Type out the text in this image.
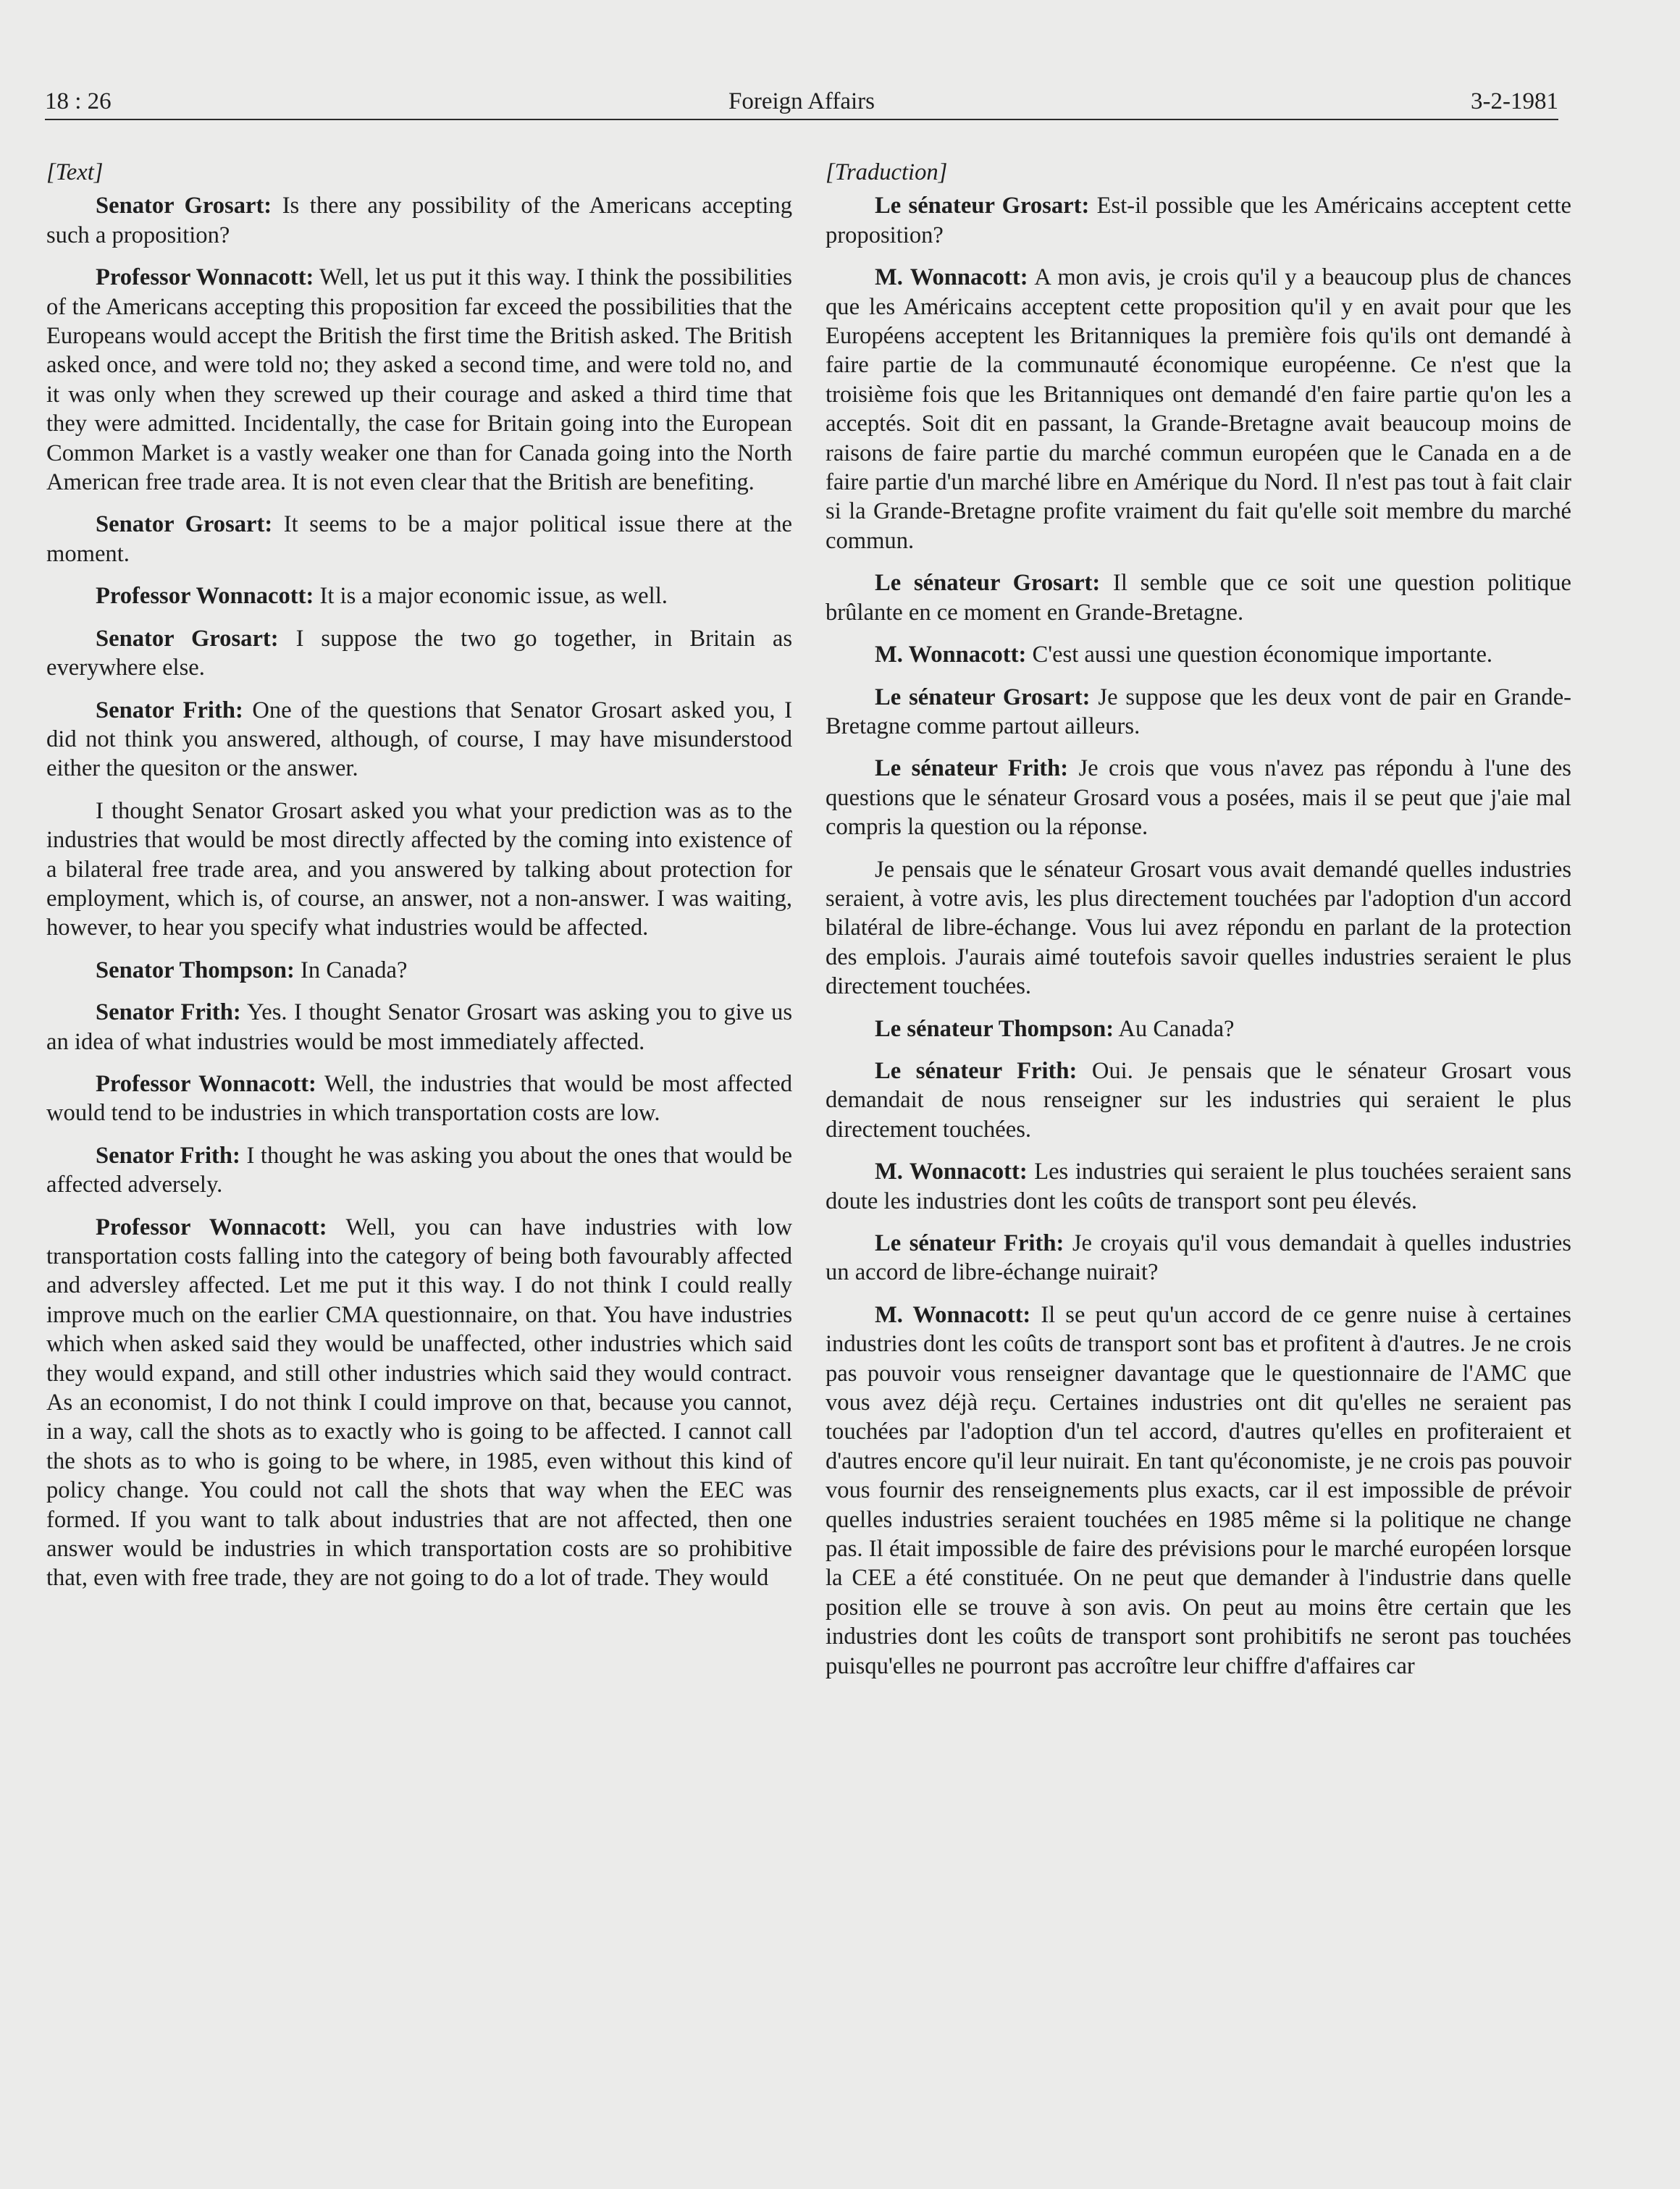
18 : 26	Foreign Affairs	3-2-1981

[Text]

Senator Grosart: Is there any possibility of the Americans accepting such a proposition?

Professor Wonnacott: Well, let us put it this way. I think the possibilities of the Americans accepting this proposition far exceed the possibilities that the Europeans would accept the British the first time the British asked. The British asked once, and were told no; they asked a second time, and were told no, and it was only when they screwed up their courage and asked a third time that they were admitted. Incidentally, the case for Britain going into the European Common Market is a vastly weaker one than for Canada going into the North American free trade area. It is not even clear that the British are benefiting.

Senator Grosart: It seems to be a major political issue there at the moment.

Professor Wonnacott: It is a major economic issue, as well.

Senator Grosart: I suppose the two go together, in Britain as everywhere else.

Senator Frith: One of the questions that Senator Grosart asked you, I did not think you answered, although, of course, I may have misunderstood either the quesiton or the answer.

I thought Senator Grosart asked you what your prediction was as to the industries that would be most directly affected by the coming into existence of a bilateral free trade area, and you answered by talking about protection for employment, which is, of course, an answer, not a non-answer. I was waiting, however, to hear you specify what industries would be affected.

Senator Thompson: In Canada?

Senator Frith: Yes. I thought Senator Grosart was asking you to give us an idea of what industries would be most immediately affected.

Professor Wonnacott: Well, the industries that would be most affected would tend to be industries in which transportation costs are low.

Senator Frith: I thought he was asking you about the ones that would be affected adversely.

Professor Wonnacott: Well, you can have industries with low transportation costs falling into the category of being both favourably affected and adversley affected. Let me put it this way. I do not think I could really improve much on the earlier CMA questionnaire, on that. You have industries which when asked said they would be unaffected, other industries which said they would expand, and still other industries which said they would contract. As an economist, I do not think I could improve on that, because you cannot, in a way, call the shots as to exactly who is going to be affected. I cannot call the shots as to who is going to be where, in 1985, even without this kind of policy change. You could not call the shots that way when the EEC was formed. If you want to talk about industries that are not affected, then one answer would be industries in which transportation costs are so prohibitive that, even with free trade, they are not going to do a lot of trade. They would

[Traduction]

Le sénateur Grosart: Est-il possible que les Américains acceptent cette proposition?

M. Wonnacott: A mon avis, je crois qu'il y a beaucoup plus de chances que les Américains acceptent cette proposition qu'il y en avait pour que les Européens acceptent les Britanniques la première fois qu'ils ont demandé à faire partie de la communauté économique européenne. Ce n'est que la troisième fois que les Britanniques ont demandé d'en faire partie qu'on les a acceptés. Soit dit en passant, la Grande-Bretagne avait beaucoup moins de raisons de faire partie du marché commun européen que le Canada en a de faire partie d'un marché libre en Amérique du Nord. Il n'est pas tout à fait clair si la Grande-Bretagne profite vraiment du fait qu'elle soit membre du marché commun.

Le sénateur Grosart: Il semble que ce soit une question politique brûlante en ce moment en Grande-Bretagne.

M. Wonnacott: C'est aussi une question économique importante.

Le sénateur Grosart: Je suppose que les deux vont de pair en Grande-Bretagne comme partout ailleurs.

Le sénateur Frith: Je crois que vous n'avez pas répondu à l'une des questions que le sénateur Grosard vous a posées, mais il se peut que j'aie mal compris la question ou la réponse.

Je pensais que le sénateur Grosart vous avait demandé quelles industries seraient, à votre avis, les plus directement touchées par l'adoption d'un accord bilatéral de libre-échange. Vous lui avez répondu en parlant de la protection des emplois. J'aurais aimé toutefois savoir quelles industries seraient le plus directement touchées.

Le sénateur Thompson: Au Canada?

Le sénateur Frith: Oui. Je pensais que le sénateur Grosart vous demandait de nous renseigner sur les industries qui seraient le plus directement touchées.

M. Wonnacott: Les industries qui seraient le plus touchées seraient sans doute les industries dont les coûts de transport sont peu élevés.

Le sénateur Frith: Je croyais qu'il vous demandait à quelles industries un accord de libre-échange nuirait?

M. Wonnacott: Il se peut qu'un accord de ce genre nuise à certaines industries dont les coûts de transport sont bas et profitent à d'autres. Je ne crois pas pouvoir vous renseigner davantage que le questionnaire de l'AMC que vous avez déjà reçu. Certaines industries ont dit qu'elles ne seraient pas touchées par l'adoption d'un tel accord, d'autres qu'elles en profiteraient et d'autres encore qu'il leur nuirait. En tant qu'économiste, je ne crois pas pouvoir vous fournir des renseignements plus exacts, car il est impossible de prévoir quelles industries seraient touchées en 1985 même si la politique ne change pas. Il était impossible de faire des prévisions pour le marché européen lorsque la CEE a été constituée. On ne peut que demander à l'industrie dans quelle position elle se trouve à son avis. On peut au moins être certain que les industries dont les coûts de transport sont prohibitifs ne seront pas touchées puisqu'elles ne pourront pas accroître leur chiffre d'affaires car
